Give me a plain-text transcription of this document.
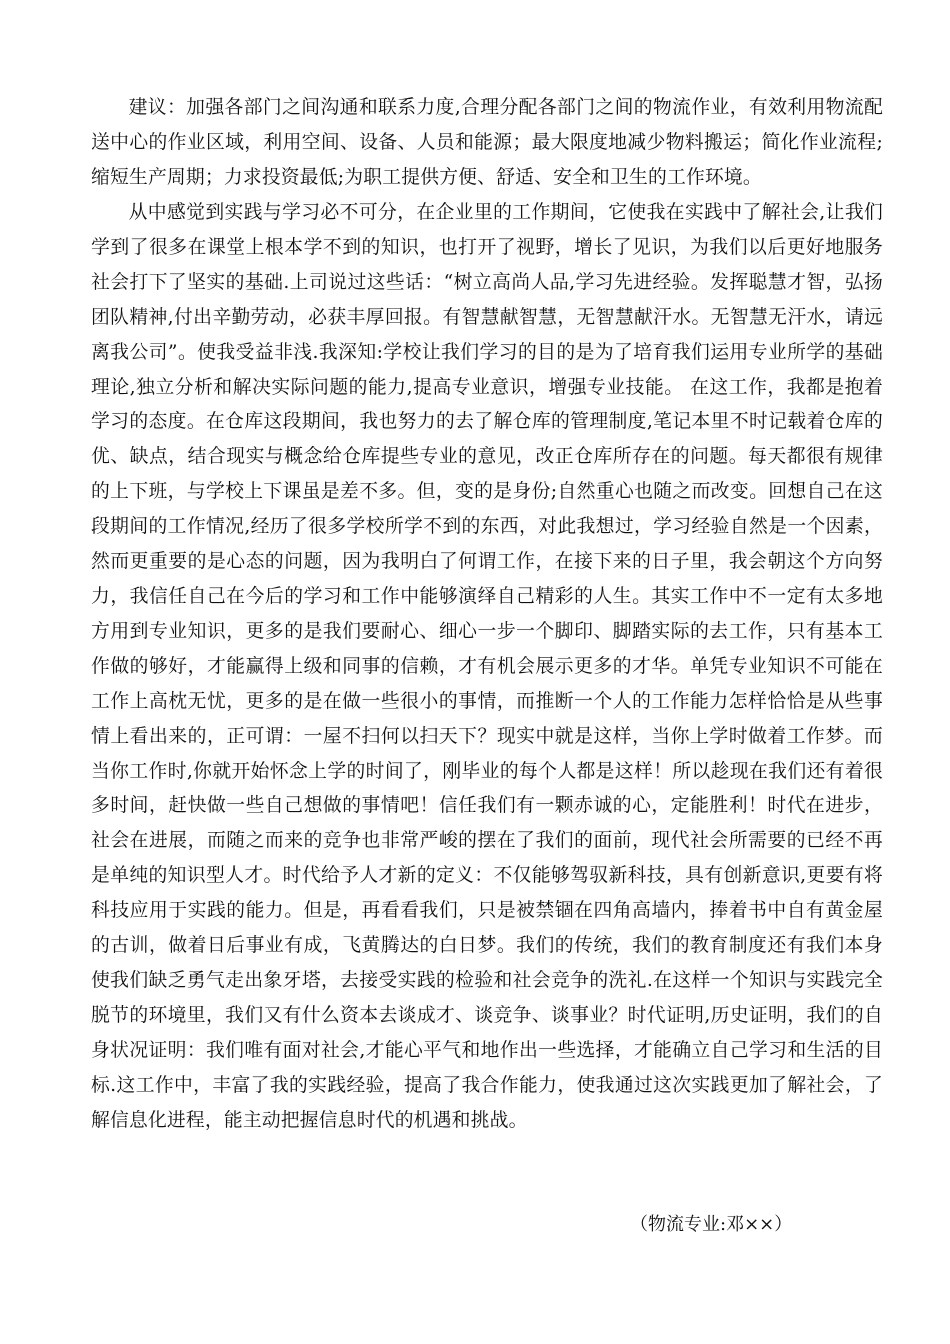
建议：加强各部门之间沟通和联系力度,合理分配各部门之间的物流作业，有效利用物流配送中心的作业区域，利用空间、设备、人员和能源；最大限度地减少物料搬运；简化作业流程;缩短生产周期；力求投资最低;为职工提供方便、舒适、安全和卫生的工作环境。

从中感觉到实践与学习必不可分，在企业里的工作期间，它使我在实践中了解社会,让我们学到了很多在课堂上根本学不到的知识，也打开了视野，增长了见识，为我们以后更好地服务社会打下了坚实的基础.上司说过这些话：“树立高尚人品,学习先进经验。发挥聪慧才智，弘扬团队精神,付出辛勤劳动，必获丰厚回报。有智慧献智慧，无智慧献汗水。无智慧无汗水，请远离我公司”。使我受益非浅.我深知:学校让我们学习的目的是为了培育我们运用专业所学的基础理论,独立分析和解决实际问题的能力,提高专业意识，增强专业技能。 在这工作，我都是抱着学习的态度。在仓库这段期间，我也努力的去了解仓库的管理制度,笔记本里不时记载着仓库的优、缺点，结合现实与概念给仓库提些专业的意见，改正仓库所存在的问题。每天都很有规律的上下班，与学校上下课虽是差不多。但，变的是身份;自然重心也随之而改变。回想自己在这段期间的工作情况,经历了很多学校所学不到的东西，对此我想过，学习经验自然是一个因素，然而更重要的是心态的问题，因为我明白了何谓工作，在接下来的日子里，我会朝这个方向努力，我信任自己在今后的学习和工作中能够演绎自己精彩的人生。其实工作中不一定有太多地方用到专业知识，更多的是我们要耐心、细心一步一个脚印、脚踏实际的去工作，只有基本工作做的够好，才能赢得上级和同事的信赖，才有机会展示更多的才华。单凭专业知识不可能在工作上高枕无忧，更多的是在做一些很小的事情，而推断一个人的工作能力怎样恰恰是从些事情上看出来的，正可谓：一屋不扫何以扫天下？现实中就是这样，当你上学时做着工作梦。而当你工作时,你就开始怀念上学的时间了，刚毕业的每个人都是这样！所以趁现在我们还有着很多时间，赶快做一些自己想做的事情吧！信任我们有一颗赤诚的心，定能胜利！时代在进步，社会在进展，而随之而来的竞争也非常严峻的摆在了我们的面前，现代社会所需要的已经不再是单纯的知识型人才。时代给予人才新的定义：不仅能够驾驭新科技，具有创新意识,更要有将科技应用于实践的能力。但是，再看看我们，只是被禁锢在四角高墙内，捧着书中自有黄金屋的古训，做着日后事业有成，飞黄腾达的白日梦。我们的传统，我们的教育制度还有我们本身使我们缺乏勇气走出象牙塔，去接受实践的检验和社会竞争的洗礼.在这样一个知识与实践完全脱节的环境里，我们又有什么资本去谈成才、谈竞争、谈事业？时代证明,历史证明，我们的自身状况证明：我们唯有面对社会,才能心平气和地作出一些选择，才能确立自己学习和生活的目标.这工作中，丰富了我的实践经验，提高了我合作能力，使我通过这次实践更加了解社会，了解信息化进程，能主动把握信息时代的机遇和挑战。

（物流专业:邓××）
